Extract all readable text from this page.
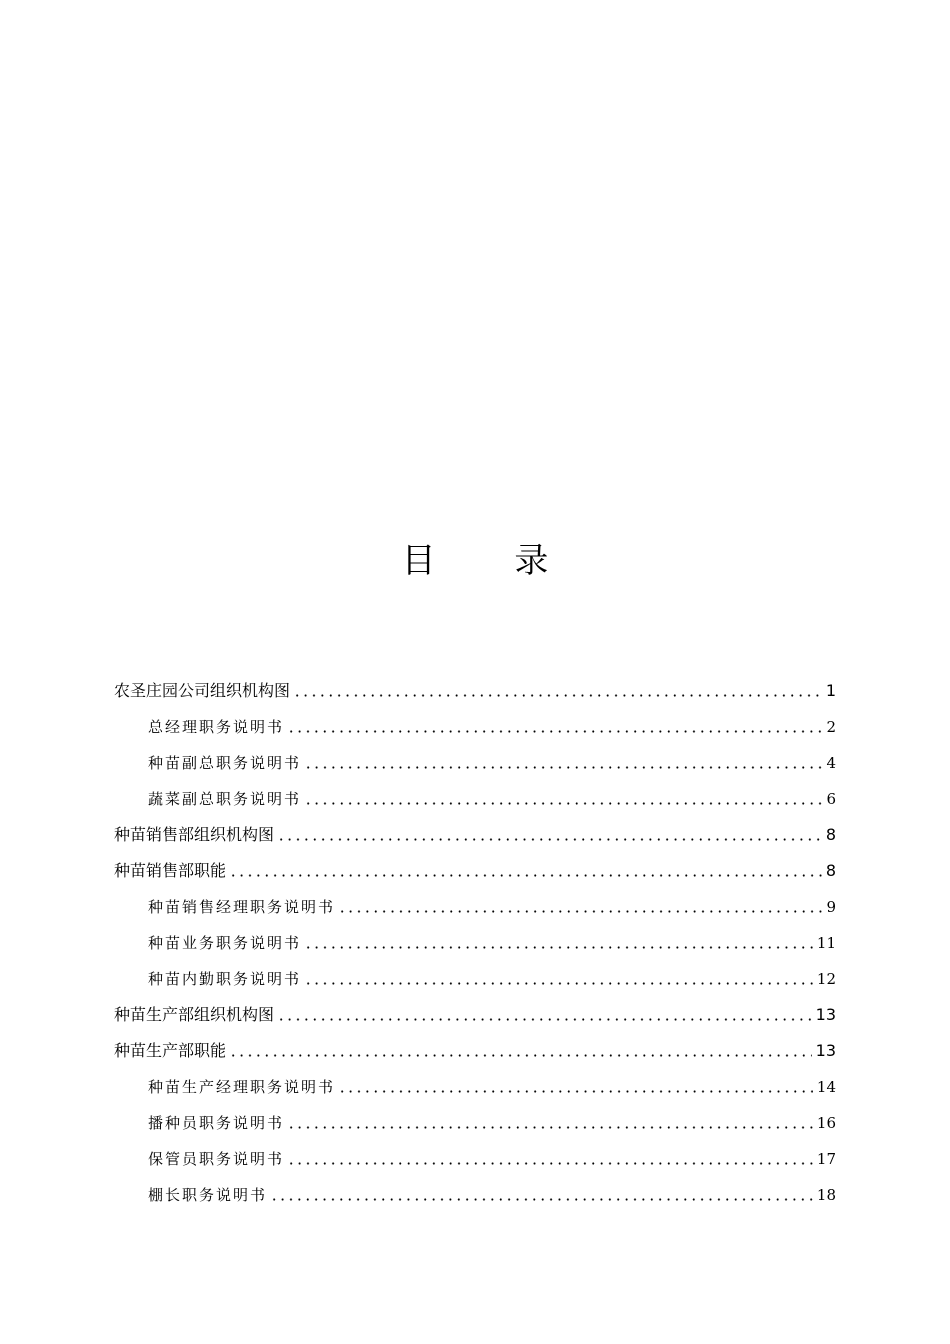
目 录
农圣庄园公司组织机构图	1
总经理职务说明书	2
种苗副总职务说明书	4
蔬菜副总职务说明书	6
种苗销售部组织机构图	8
种苗销售部职能	8
种苗销售经理职务说明书	9
种苗业务职务说明书	11
种苗内勤职务说明书	12
种苗生产部组织机构图	13
种苗生产部职能	13
种苗生产经理职务说明书	14
播种员职务说明书	16
保管员职务说明书	17
棚长职务说明书	18
